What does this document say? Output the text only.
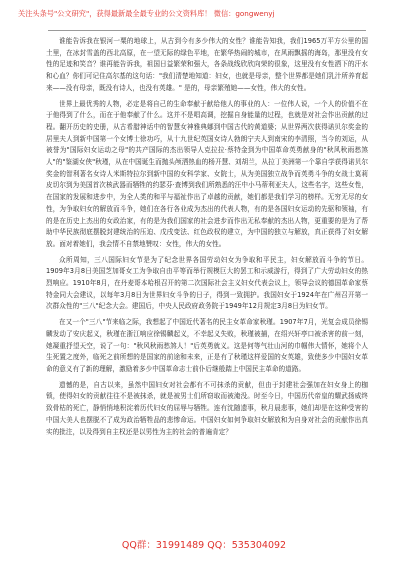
关注头条号"公文研究"，获得最新最全最专业的公文资料库！ 微信：gongwenyj

谁能告诉我在银河一粟的地球上，从古到今有多少伟大的女性？谁能告知我，我们1965万平方公里的国土里，在冰封雪盖的西北高原，在一望无际的绿色平地，在繁华热闹的城市，在风雨飘摇的海岛，那里没有女性的足迹和笑音？谁再能告诉我，祖国日益繁荣和强大，各条战线欣欣向荣的很象，这里没有女性洒下的汗水和心血？你们可记住高尔基的这句话："我们清楚地知道：妇女，也就是母亲，整个世界都是她们乳汁所养育起来——没有母亲，既没有诗人，也没有英雄。" 是的，母亲繁殖她——女性，伟大的女性。

世界上最优秀的人物，必定是将自己的生命奉献于献给他人的事业的人：一位伟人说，一个人的价值不在于他得到了什么，而在于他奉献了什么。这并不是唱高调，挖掘自身能量的过程，也就是对社会作出贡献的过程。翻开历史的史册，从古希腊神话中的智慧女神雅典娜到中国古代的黄道婆；从世界两次获得诺贝尔奖金的居里夫人到新中国第一个女博士徐功巧，从十九世纪英国女诗人勃朗宁夫人到南宋的李清照，当今的刘运，从被誉为"国际妇女运动之母"的共产国际的杰出领导人克拉拉·蔡特金到为中国革命英勇献身的"秋风秋雨愁煞人"的"鉴湖女侠"秋瑾，从在中国诞生而抛头颅洒热血的杨开慧、刘胡兰，从拉丁美洲第一个靠自学获得诺贝尔奖金的智利著名女诗人米斯特拉尔到新中国的女科学家、女院士，从为美国独立战争而英勇斗争的女战士莫莉皮切尔到为美国首次核武器而牺牲的约瑟芬·查博到我们所熟悉的汪中小马蒂利亚夫人，这些名字，这些女性，在国家的发展和进步中，为全人类的和平与福祉作出了卓越的贡献，她们都是我们学习的榜样。无穷无尽的女性，为争取妇女的解放而斗争，她们在各行各业成为杰出的代表人物，有的是各国妇女运动的先驱和领袖，有的是在历史上杰出的女政治家，有的是为我们国家的社会进步而作出无私奉献的杰出人物，更重要的是为了帮助中华民族彻底摆脱封建统治的压迫、戊戌变法、红色政权的建立，为中国的独立与解放，真正获得了妇女解放。面对着她们，我会情不自禁地赞叹：女性，伟大的女性。

众所周知，三八国际妇女节是为了纪念世界各国劳动妇女为争取和平民主，妇女解放而斗争的节日。1909年3月8日美国芝加哥女工为争取自由平等而举行规模巨大的罢工和示威游行，得到了广大劳动妇女的热烈响应。1910年8月，在丹麦哥本哈根召开的第二次国际社会主义妇女代表会议上，领导会议的德国革命家蔡特金同大会建议，以每年3月8日为世界妇女斗争的日子，得到一致拥护。我国妇女于1924年在广州召开第一次群众性的"三八"纪念大会。建国后，中央人民政府政务院于1949年12月规定3月8日为妇女节。

在又一个"三八"节来临之际，我想起了中国近代著名的民主女革命家秋瑾。1907年7月，光复会成员徐锡麟发动了安庆起义，秋瑾在浙江响应徐锡麟起义，不幸起义失败，秋瑾被捕，在绍兴轩亭口被杀害的前一刻，她凝重抒望天空，说了一句："秋风秋雨愁煞人！"后英勇就义。这是何等气壮山河的巾帼伟大情怀，她将个人生死置之度外，临死之前所想的是国家的前途和未来，正是有了秋瑾这样爱国的女英雄，致使多少中国妇女革命的意义有了新的理解，激励着多少中国革命志士前仆后继般踏上中国民主革命的道路。

遗憾的是，自古以来，虽然中国妇女对社会都有不可抹杀的贡献，但由于封建社会强加在妇女身上的枷锁，使得妇女的贡献往往不是被抹杀，就是被男士们所窃取而被淹没。时至今日，中国历代帝皇的耀武扬威终致骨枯的死亡，静悄悄地积淀着历代妇女的屈辱与牺牲。连有沈随遗事，秋月晨悲事，她们却是在这种受害的中国大美人也摆脱不了成为政治牺牲品的悲惨命运。中国妇女如何争取妇女解放和为自身对社会的贡献作出真实的批注，以及得到自主权还是以男性为主的社会的普遍肯定？

QQ群：31991489 QQ：535304092
